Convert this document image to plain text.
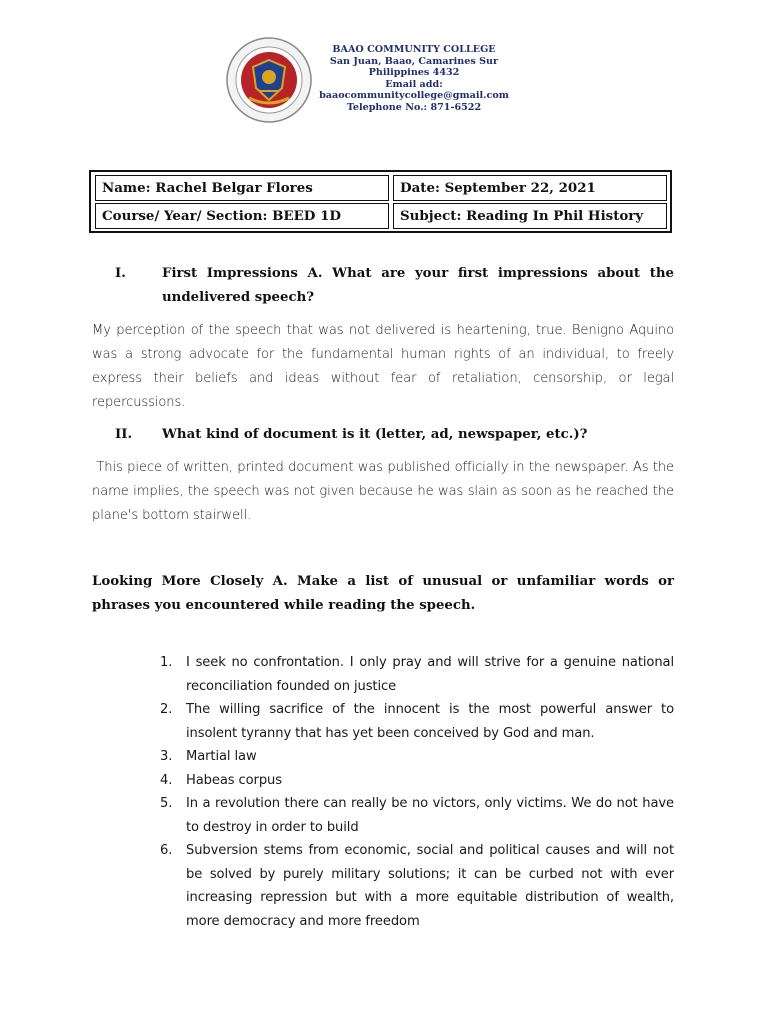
BAAO COMMUNITY COLLEGE
San Juan, Baao, Camarines Sur
Philippines 4432
Email add:
baaocommunitycollege@gmail.com
Telephone No.: 871-6522
Name: Rachel Belgar Flores	Date: September 22, 2021
Course/ Year/ Section: BEED 1D	Subject: Reading In Phil History
I.	First Impressions A. What are your first impressions about the
undelivered speech?
My perception of the speech that was not delivered is heartening, true. Benigno Aquino was a strong advocate for the fundamental human rights of an individual, to freely express their beliefs and ideas without fear of retaliation, censorship, or legal repercussions.
II. What kind of document is it (letter, ad, newspaper, etc.)?
This piece of written, printed document was published officially in the newspaper. As the name implies, the speech was not given because he was slain as soon as he reached the plane's bottom stairwell.
Looking More Closely A. Make a list of unusual or unfamiliar words or phrases you encountered while reading the speech.
1. I seek no confrontation. I only pray and will strive for a genuine national reconciliation founded on justice
2. The willing sacrifice of the innocent is the most powerful answer to insolent tyranny that has yet been conceived by God and man.
3. Martial law
4. Habeas corpus
5. In a revolution there can really be no victors, only victims. We do not have to destroy in order to build
6. Subversion stems from economic, social and political causes and will not be solved by purely military solutions; it can be curbed not with ever increasing repression but with a more equitable distribution of wealth, more democracy and more freedom
